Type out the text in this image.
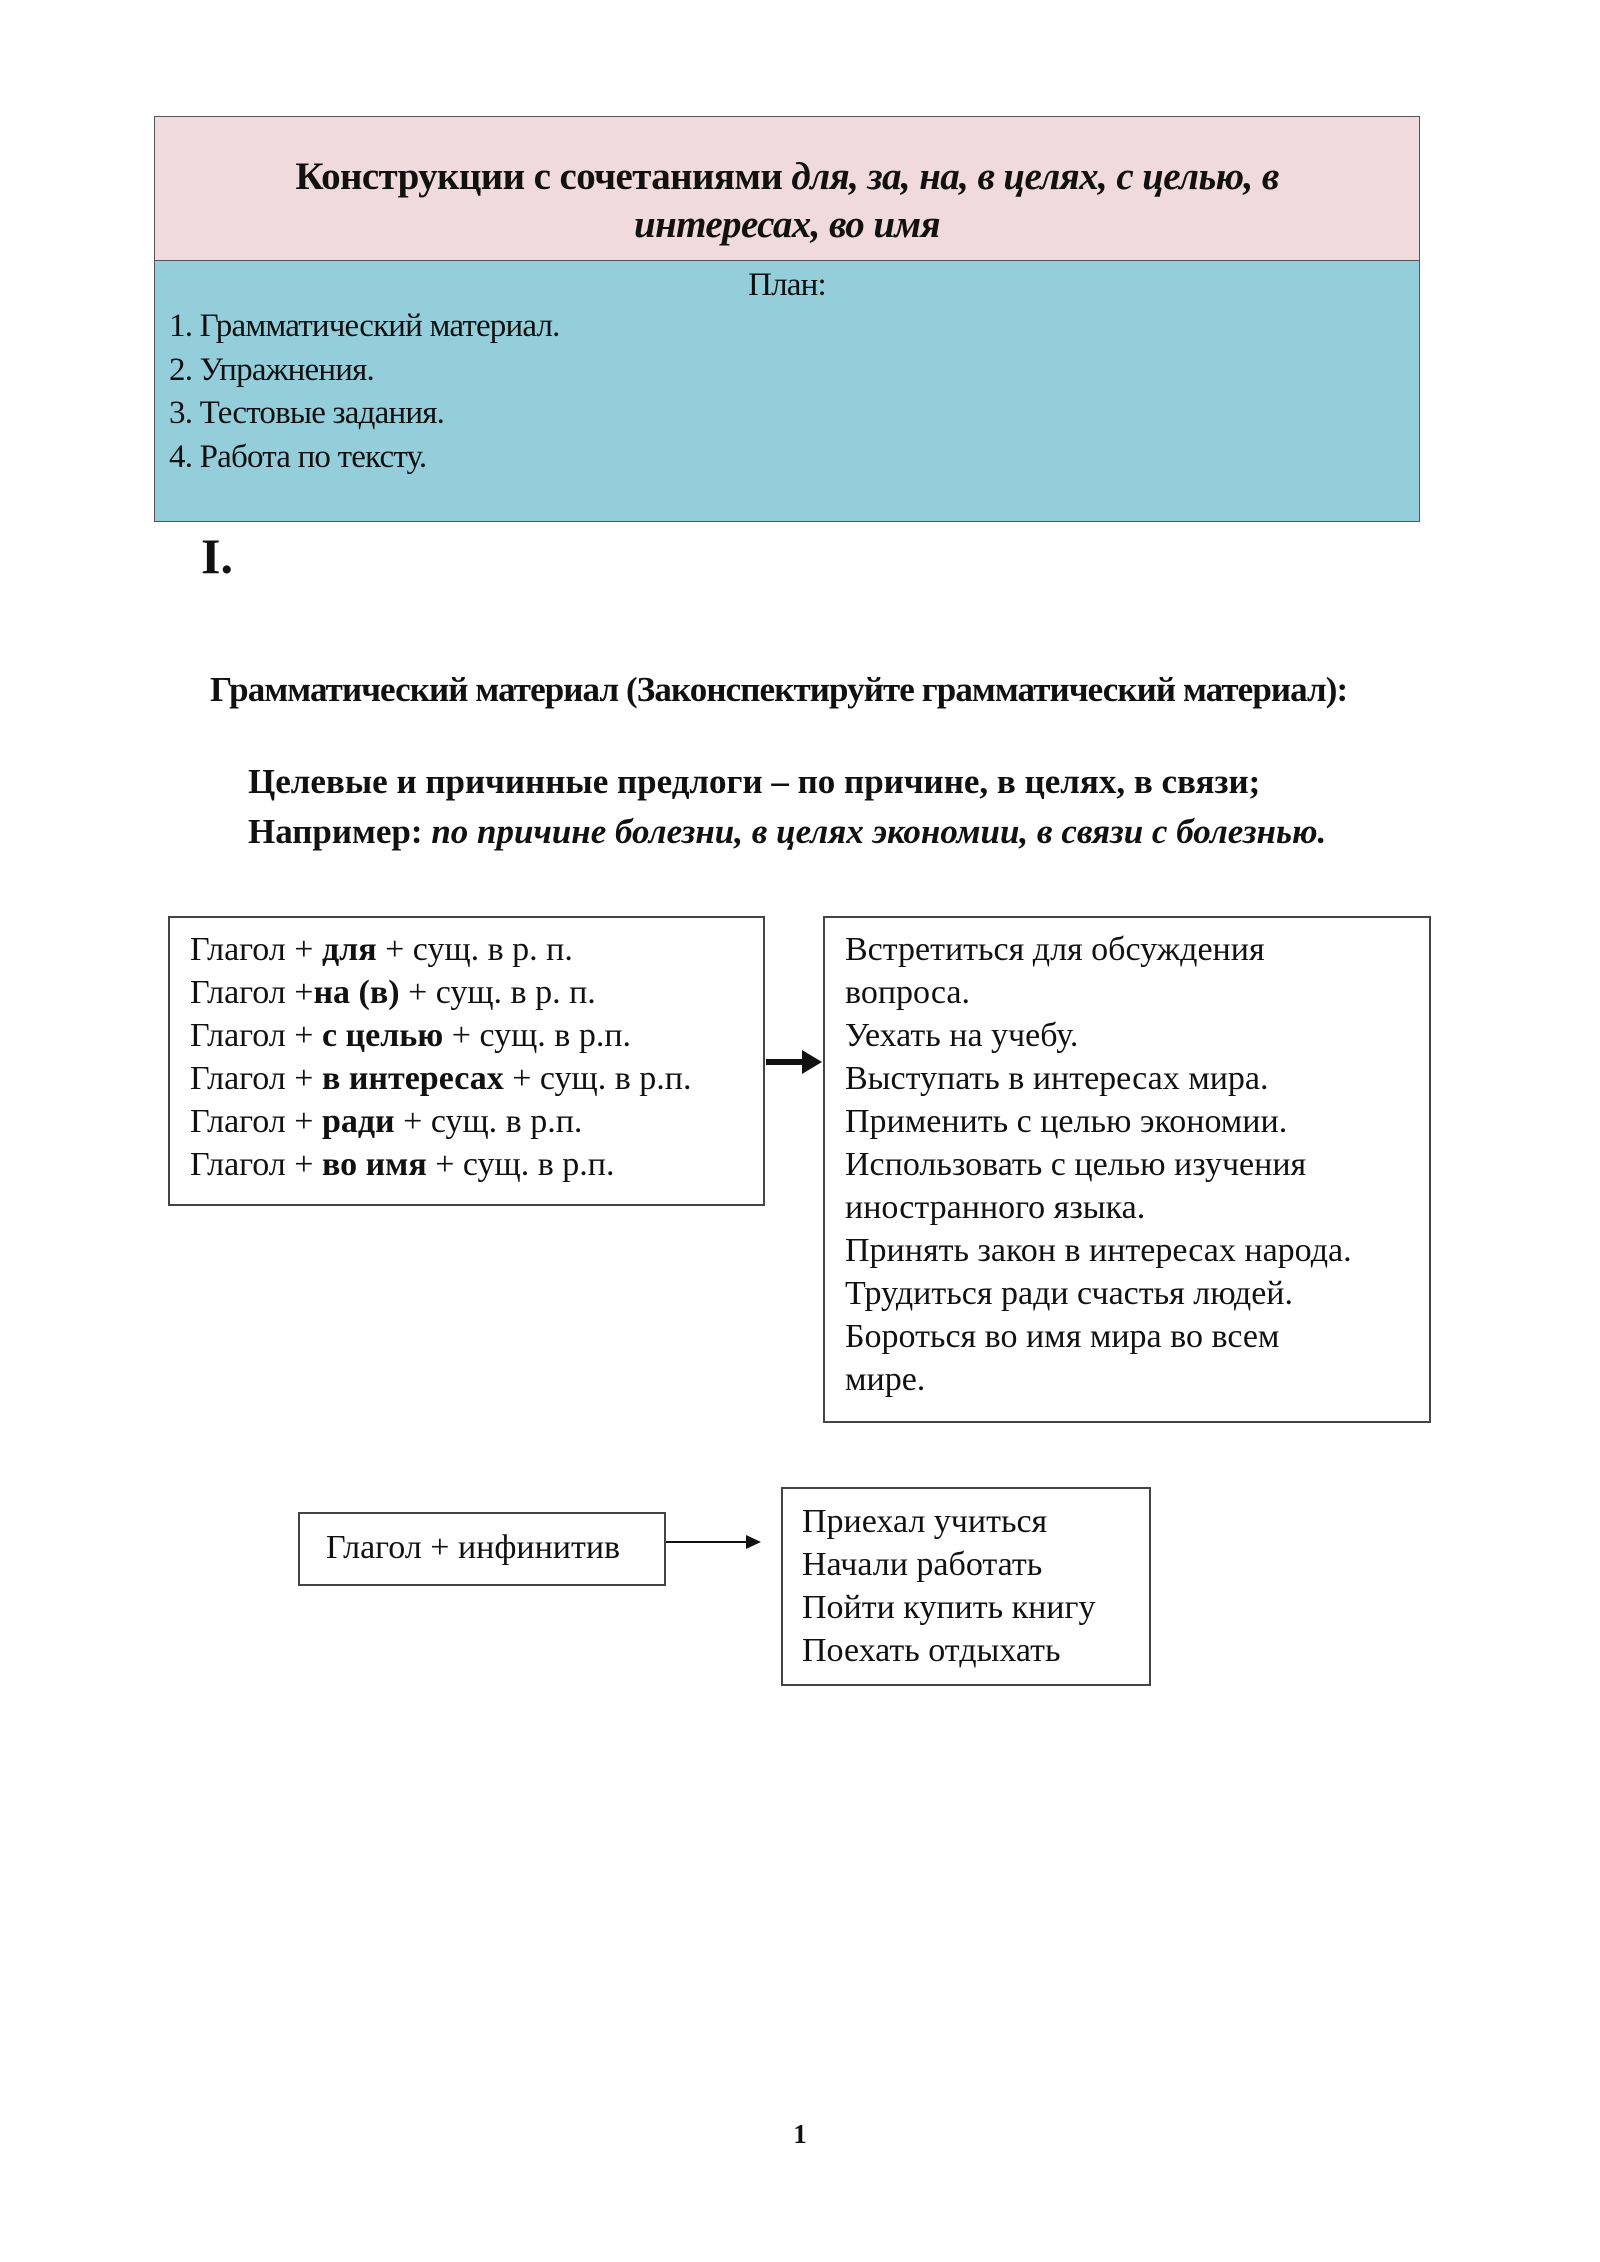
Конструкции с сочетаниями для, за, на, в целях, с целью, в интересах, во имя
План:
1. Грамматический материал.
2. Упражнения.
3. Тестовые задания.
4. Работа по тексту.
I.
Грамматический материал (Законспектируйте грамматический материал):
Целевые и причинные предлоги – по причине, в целях, в связи;
Например: по причине болезни, в целях экономии, в связи с болезнью.
Глагол + для + сущ. в р. п.
Глагол +на (в) + сущ. в р. п.
Глагол + с целью + сущ. в р.п.
Глагол + в интересах + сущ. в р.п.
Глагол + ради + сущ. в р.п.
Глагол + во имя + сущ. в р.п.
Встретиться для обсуждения
вопроса.
Уехать на учебу.
Выступать в интересах мира.
Применить с целью экономии.
Использовать с целью изучения
иностранного языка.
Принять закон в интересах народа.
Трудиться ради счастья людей.
Бороться во имя мира во всем
мире.
Глагол + инфинитив
Приехал учиться
Начали работать
Пойти купить книгу
Поехать отдыхать
1
